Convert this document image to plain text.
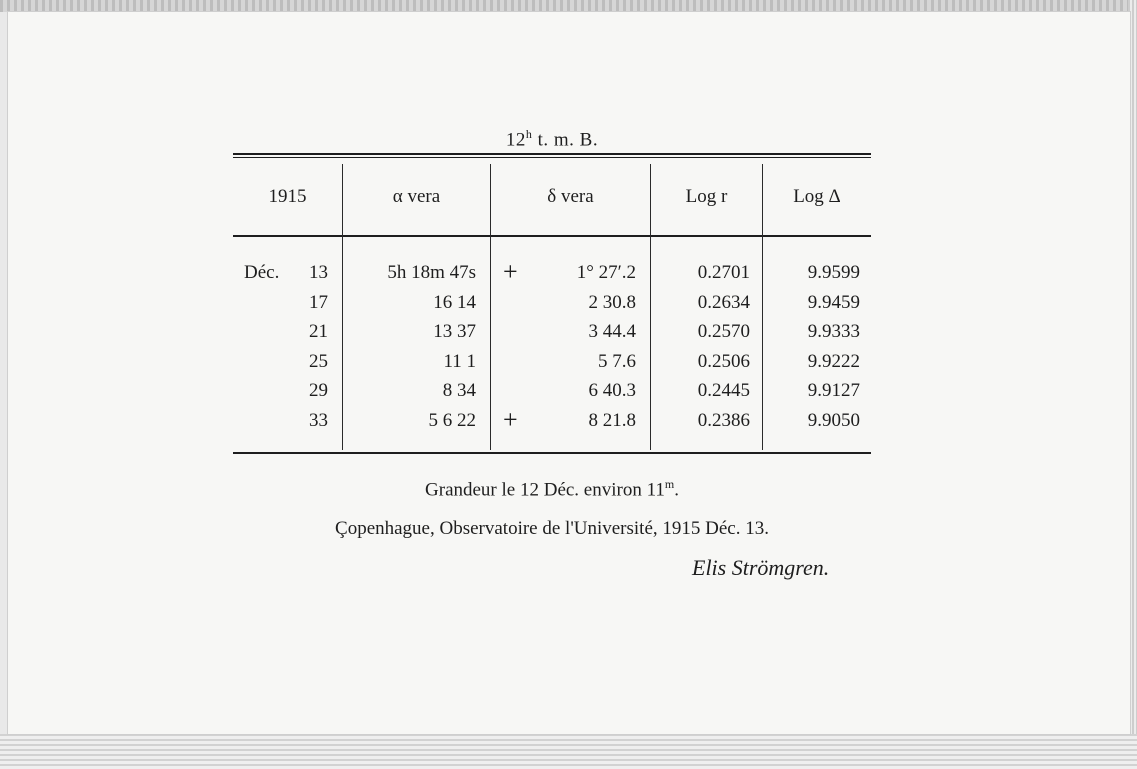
12$^h$ t. m. B.
1915	α vera	δ vera	Log r	Log Δ
Déc.	13	5h 18m 47s +	1° 27′.2	0.2701	9.9599
17	16 14	2 30.8	0.2634	9.9459
21	13 37	3 44.4	0.2570	9.9333
25	11 1	5 7.6	0.2506	9.9222
29	8 34	6 40.3	0.2445	9.9127
33	5 6 22 +	8 21.8	0.2386	9.9050
Grandeur le 12 Déc. environ 11$^m$.
Çopenhague, Observatoire de l'Université, 1915 Déc. 13.
Elis Strömgren.
